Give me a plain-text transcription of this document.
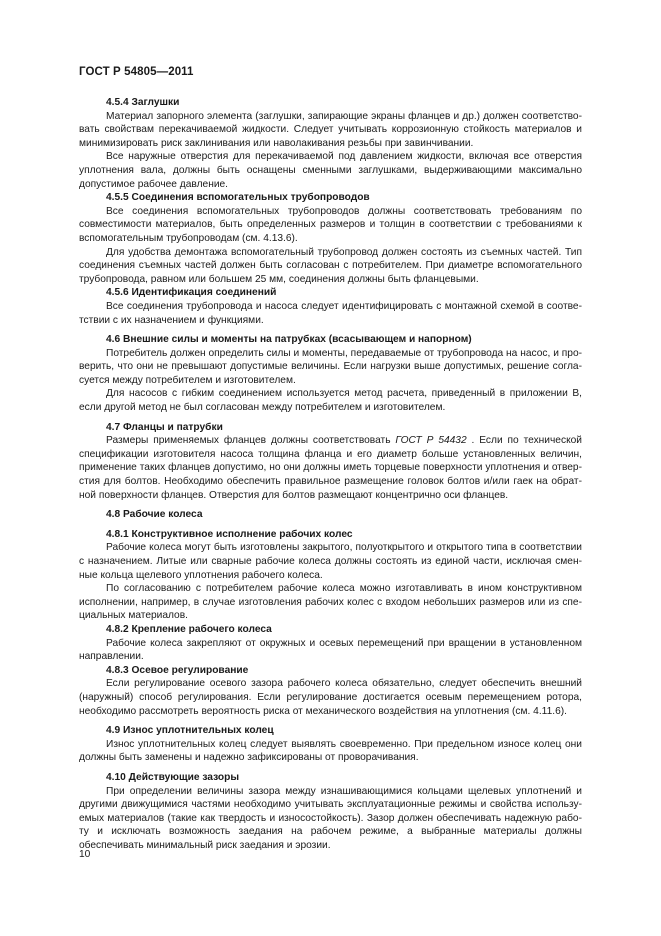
ГОСТ Р 54805—2011
4.5.4 Заглушки
Материал запорного элемента (заглушки, запирающие экраны фланцев и др.) должен соответство-вать свойствам перекачиваемой жидкости. Следует учитывать коррозионную стойкость материалов и минимизировать риск заклинивания или наволакивания резьбы при завинчивании.
Все наружные отверстия для перекачиваемой под давлением жидкости, включая все отверстия уплотнения вала, должны быть оснащены сменными заглушками, выдерживающими максимально допустимое рабочее давление.
4.5.5 Соединения вспомогательных трубопроводов
Все соединения вспомогательных трубопроводов должны соответствовать требованиям по совместимости материалов, быть определенных размеров и толщин в соответствии с требованиями к вспомогательным трубопроводам (см. 4.13.6).
Для удобства демонтажа вспомогательный трубопровод должен состоять из съемных частей. Тип соединения съемных частей должен быть согласован с потребителем. При диаметре вспомогательного трубопровода, равном или большем 25 мм, соединения должны быть фланцевыми.
4.5.6 Идентификация соединений
Все соединения трубопровода и насоса следует идентифицировать с монтажной схемой в соотве-тствии с их назначением и функциями.
4.6 Внешние силы и моменты на патрубках (всасывающем и напорном)
Потребитель должен определить силы и моменты, передаваемые от трубопровода на насос, и про-верить, что они не превышают допустимые величины. Если нагрузки выше допустимых, решение согла-суется между потребителем и изготовителем.
Для насосов с гибким соединением используется метод расчета, приведенный в приложении В, если другой метод не был согласован между потребителем и изготовителем.
4.7 Фланцы и патрубки
Размеры применяемых фланцев должны соответствовать ГОСТ Р 54432 . Если по технической спецификации изготовителя насоса толщина фланца и его диаметр больше установленных величин, применение таких фланцев допустимо, но они должны иметь торцевые поверхности уплотнения и отвер-стия для болтов. Необходимо обеспечить правильное размещение головок болтов и/или гаек на обрат-ной поверхности фланцев. Отверстия для болтов размещают концентрично оси фланцев.
4.8 Рабочие колеса
4.8.1 Конструктивное исполнение рабочих колес
Рабочие колеса могут быть изготовлены закрытого, полуоткрытого и открытого типа в соответствии с назначением. Литые или сварные рабочие колеса должны состоять из единой части, исключая смен-ные кольца щелевого уплотнения рабочего колеса.
По согласованию с потребителем рабочие колеса можно изготавливать в ином конструктивном исполнении, например, в случае изготовления рабочих колес с входом небольших размеров или из спе-циальных материалов.
4.8.2 Крепление рабочего колеса
Рабочие колеса закрепляют от окружных и осевых перемещений при вращении в установленном направлении.
4.8.3 Осевое регулирование
Если регулирование осевого зазора рабочего колеса обязательно, следует обеспечить внешний (наружный) способ регулирования. Если регулирование достигается осевым перемещением ротора, необходимо рассмотреть вероятность риска от механического воздействия на уплотнения (см. 4.11.6).
4.9 Износ уплотнительных колец
Износ уплотнительных колец следует выявлять своевременно. При предельном износе колец они должны быть заменены и надежно зафиксированы от проворачивания.
4.10 Действующие зазоры
При определении величины зазора между изнашивающимися кольцами щелевых уплотнений и другими движущимися частями необходимо учитывать эксплуатационные режимы и свойства использу-емых материалов (такие как твердость и износостойкость). Зазор должен обеспечивать надежную рабо-ту и исключать возможность заедания на рабочем режиме, а выбранные материалы должны обеспечивать минимальный риск заедания и эрозии.
10
